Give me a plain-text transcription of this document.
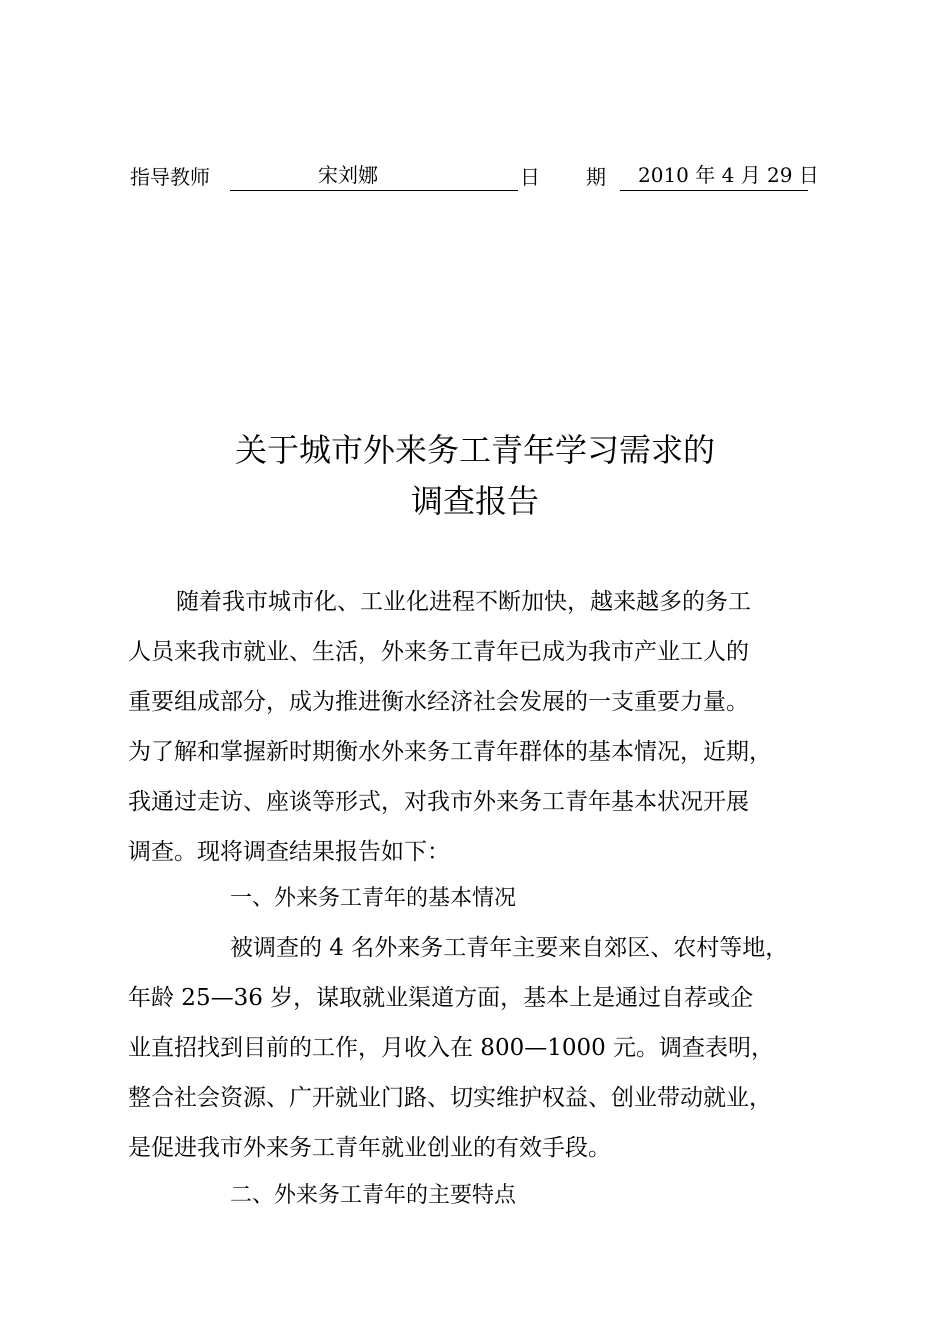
指导教师	宋刘娜	日 期 2010 年 4 月 29 日
关于城市外来务工青年学习需求的
调查报告
随着我市城市化、工业化进程不断加快，越来越多的务工
人员来我市就业、生活，外来务工青年已成为我市产业工人的
重要组成部分，成为推进衡水经济社会发展的一支重要力量。
为了解和掌握新时期衡水外来务工青年群体的基本情况，近期，
我通过走访、座谈等形式，对我市外来务工青年基本状况开展
调查。现将调查结果报告如下：
一、外来务工青年的基本情况
被调查的 4 名外来务工青年主要来自郊区、农村等地，
年龄 25—36 岁，谋取就业渠道方面，基本上是通过自荐或企
业直招找到目前的工作，月收入在 800—1000 元。调查表明，
整合社会资源、广开就业门路、切实维护权益、创业带动就业，
是促进我市外来务工青年就业创业的有效手段。
二、外来务工青年的主要特点
